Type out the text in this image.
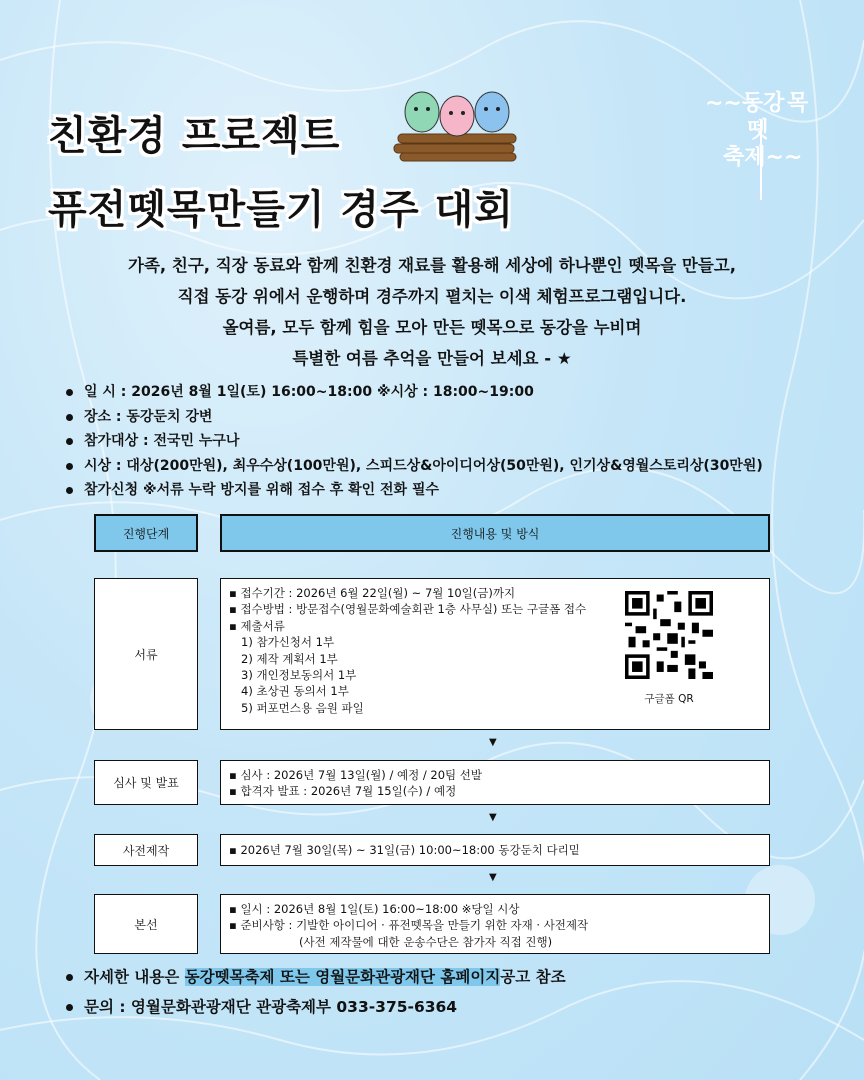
친환경 프로젝트
퓨전뗏목만들기 경주 대회
~~동강 목
뗏
축제~~
가족, 친구, 직장 동료와 함께 친환경 재료를 활용해 세상에 하나뿐인 뗏목을 만들고,
직접 동강 위에서 운행하며 경주까지 펼치는 이색 체험프로그램입니다.
올여름, 모두 함께 힘을 모아 만든 뗏목으로 동강을 누비며
특별한 여름 추억을 만들어 보세요 - ★
일 시 : 2026년 8월 1일(토) 16:00~18:00 ※시상 : 18:00~19:00
장소 : 동강둔치 강변
참가대상 : 전국민 누구나
시상 : 대상(200만원), 최우수상(100만원), 스피드상&아이디어상(50만원), 인기상&영월스토리상(30만원)
참가신청 ※서류 누락 방지를 위해 접수 후 확인 전화 필수
진행단계	진행내용 및 방식
서류
▪ 접수기간 : 2026년 6월 22일(월) ~ 7월 10일(금)까지
▪ 접수방법 : 방문접수(영월문화예술회관 1층 사무실) 또는 구글폼 접수
▪ 제출서류
1) 참가신청서 1부
2) 제작 계획서 1부
3) 개인정보동의서 1부
4) 초상권 동의서 1부
5) 퍼포먼스용 음원 파일
구글폼 QR
▼
심사 및 발표
▪ 심사 : 2026년 7월 13일(월) / 예정 / 20팀 선발
▪ 합격자 발표 : 2026년 7월 15일(수) / 예정
▼
사전제작	▪ 2026년 7월 30일(목) ~ 31일(금) 10:00~18:00 동강둔치 다리밑
▼
본선
▪ 일시 : 2026년 8월 1일(토) 16:00~18:00 ※당일 시상
▪ 준비사항 : 기발한 아이디어 · 퓨전뗏목을 만들기 위한 자재 · 사전제작
(사전 제작물에 대한 운송수단은 참가자 직접 진행)
자세한 내용은 동강뗏목축제 또는 영월문화관광재단 홈페이지공고 참조
문의 : 영월문화관광재단 관광축제부 033-375-6364
